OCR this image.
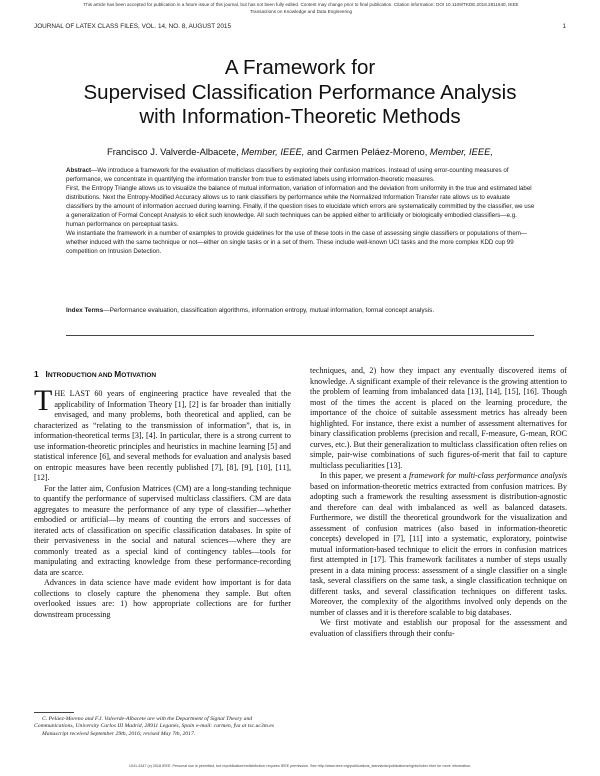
This article has been accepted for publication in a future issue of this journal, but has not been fully edited. Content may change prior to final publication. Citation information: DOI 10.1109/TKDE.2018.2811640, IEEE
Transactions on Knowledge and Data Engineering
JOURNAL OF LATEX CLASS FILES, VOL. 14, NO. 8, AUGUST 2015	1
A Framework for
Supervised Classification Performance Analysis
with Information-Theoretic Methods
Francisco J. Valverde-Albacete, Member, IEEE, and Carmen Peláez-Moreno, Member, IEEE,

Abstract—We introduce a framework for the evaluation of multiclass classifiers by exploring their confusion matrices. Instead of using error-counting measures of performance, we concentrate in quantifying the information transfer from true to estimated labels using information-theoretic measures.

First, the Entropy Triangle allows us to visualize the balance of mutual information, variation of information and the deviation from uniformity in the true and estimated label distributions. Next the Entropy-Modified Accuracy allows us to rank classifiers by performance while the Normalized Information Transfer rate allows us to evaluate classifiers by the amount of information accrued during learning. Finally, if the question rises to elucidate which errors are systematically committed by the classifier, we use a generalization of Formal Concept Analysis to elicit such knowledge. All such techniques can be applied either to artificially or biologically embodied classifiers—e.g. human performance on perceptual tasks.

We instantiate the framework in a number of examples to provide guidelines for the use of these tools in the case of assessing single classifiers or populations of them—whether induced with the same technique or not—either on single tasks or in a set of them. These include well-known UCI tasks and the more complex KDD cup 99 competition on Intrusion Detection.

Index Terms—Performance evaluation, classification algorithms, information entropy, mutual information, formal concept analysis.
1 INTRODUCTION AND MOTIVATION

THE LAST 60 years of engineering practice have revealed that the applicability of Information Theory [1], [2] is far broader than initially envisaged, and many problems, both theoretical and applied, can be characterized as “relating to the transmission of information”, that is, in information-theoretical terms [3], [4]. In particular, there is a strong current to use information-theoretic principles and heuristics in machine learning [5] and statistical inference [6], and several methods for evaluation and analysis based on entropic measures have been recently published [7], [8], [9], [10], [11], [12].

For the latter aim, Confusion Matrices (CM) are a long-standing technique to quantify the performance of supervised multiclass classifiers. CM are data aggregates to measure the performance of any type of classifier—whether embodied or artificial—by means of counting the errors and successes of iterated acts of classification on specific classification databases. In spite of their pervasiveness in the social and natural sciences—where they are commonly treated as a special kind of contingency tables—tools for manipulating and extracting knowledge from these performance-recording data are scarce.

Advances in data science have made evident how important is for data collections to closely capture the phenomena they sample. But often overlooked issues are: 1) how appropriate collections are for further downstream processing

techniques, and, 2) how they impact any eventually discovered items of knowledge. A significant example of their relevance is the growing attention to the problem of learning from imbalanced data [13], [14], [15], [16]. Though most of the times the accent is placed on the learning procedure, the importance of the choice of suitable assessment metrics has already been highlighted. For instance, there exist a number of assessment alternatives for binary classification problems (precision and recall, F-measure, G-mean, ROC curves, etc.). But their generalization to multiclass classification often relies on simple, pair-wise combinations of such figures-of-merit that fail to capture multiclass peculiarities [13].

In this paper, we present a framework for multi-class performance analysis based on information-theoretic metrics extracted from confusion matrices. By adopting such a framework the resulting assessment is distribution-agnostic and therefore can deal with imbalanced as well as balanced datasets. Furthermore, we distill the theoretical groundwork for the visualization and assessment of confusion matrices (also based in information-theoretic concepts) developed in [7], [11] into a systematic, exploratory, pointwise mutual information-based technique to elicit the errors in confusion matrices first attempted in [17]. This framework facilitates a number of steps usually present in a data mining process: assessment of a single classifier on a single task, several classifiers on the same task, a single classification technique on different tasks, and several classification techniques on different tasks. Moreover, the complexity of the algorithms involved only depends on the number of classes and it is therefore scalable to big databases.

We first motivate and establish our proposal for the assessment and evaluation of classifiers through their confu-

C. Peláez-Moreno and F.J. Valverde-Albacete are with the Department of Signal Theory and Communications, University Carlos III Madrid, 28911 Leganés, Spain e-mail: carmen, fva at tsc.uc3m.es

Manuscript received September 29th, 2016; revised May 7th, 2017.

1041-4347 (c) 2018 IEEE. Personal use is permitted, but republication/redistribution requires IEEE permission. See http://www.ieee.org/publications_standards/publications/rights/index.html for more information.
